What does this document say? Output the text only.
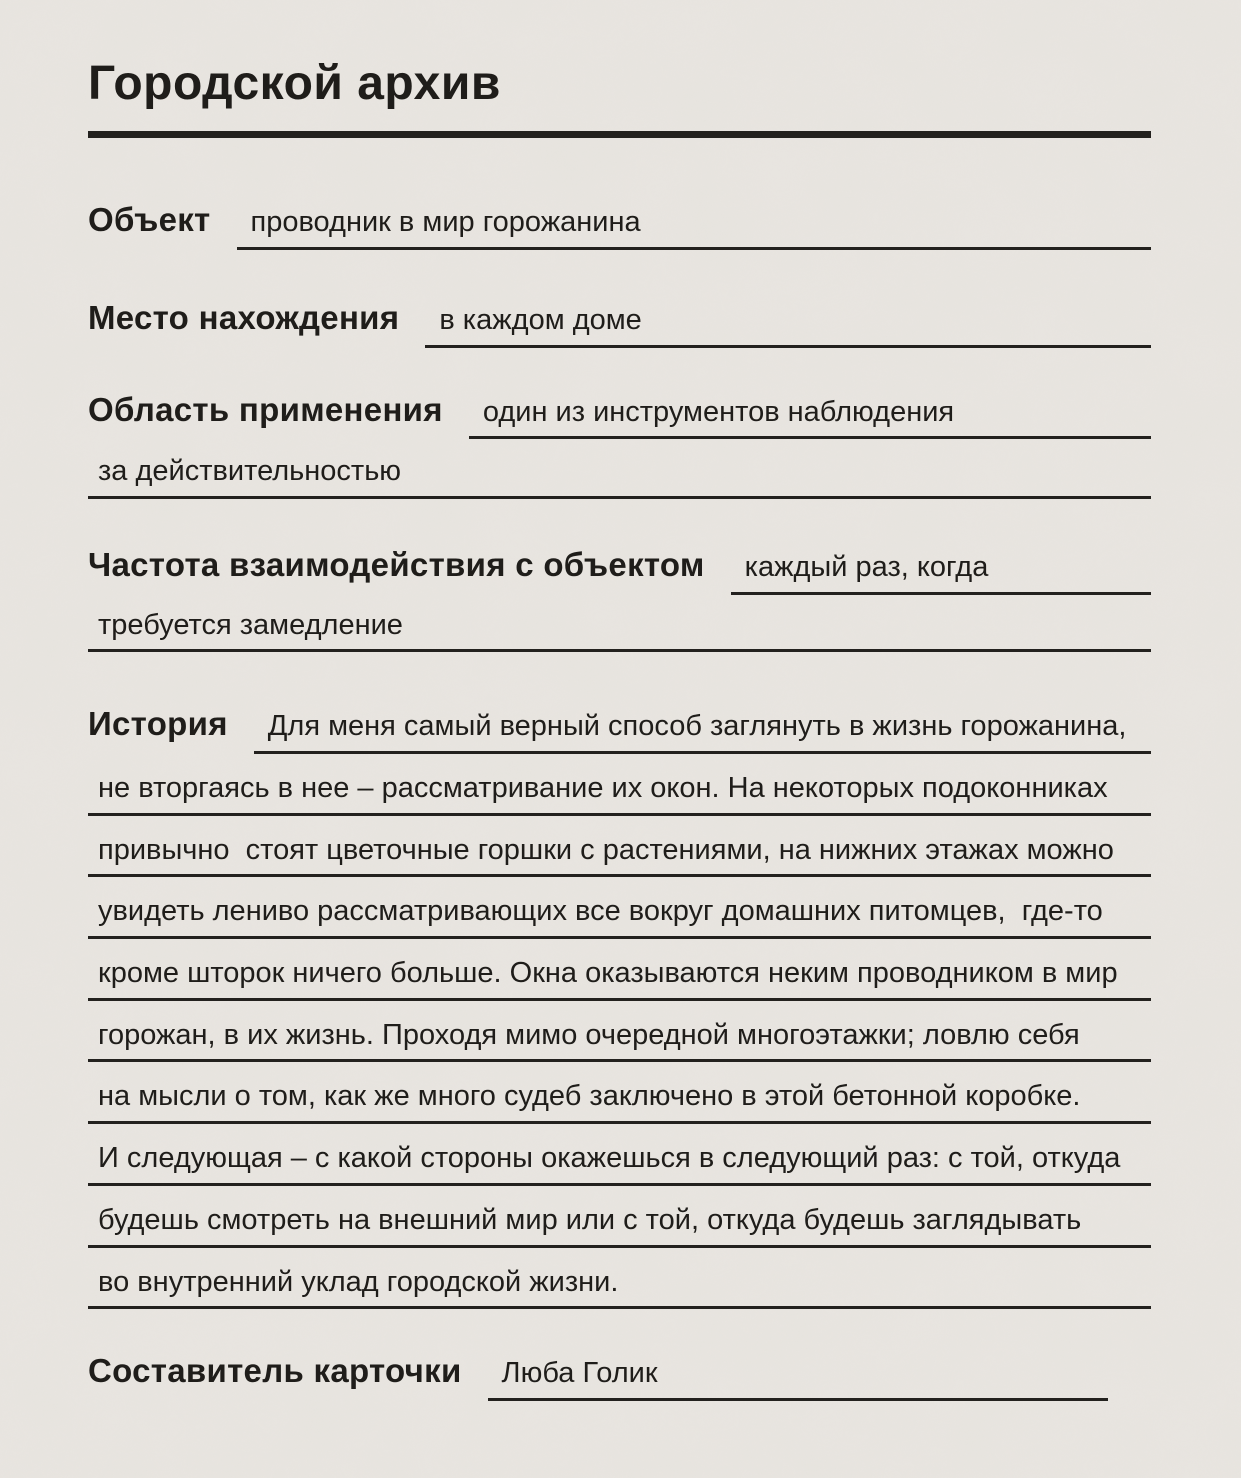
Городской архив
Объект	проводник в мир горожанина
Место нахождения	в каждом доме
Область применения	один из инструментов наблюдения
за действительностью
Частота взаимодействия с объектом	каждый раз, когда
требуется замедление
История	Для меня самый верный способ заглянуть в жизнь горожанина,
не вторгаясь в нее – рассматривание их окон. На некоторых подоконниках
привычно  стоят цветочные горшки с растениями, на нижних этажах можно
увидеть лениво рассматривающих все вокруг домашних питомцев,  где-то
кроме шторок ничего больше. Окна оказываются неким проводником в мир
горожан, в их жизнь. Проходя мимо очередной многоэтажки; ловлю себя
на мысли о том, как же много судеб заключено в этой бетонной коробке.
И следующая – с какой стороны окажешься в следующий раз: с той, откуда
будешь смотреть на внешний мир или с той, откуда будешь заглядывать
во внутренний уклад городской жизни.
Составитель карточки	Люба Голик
